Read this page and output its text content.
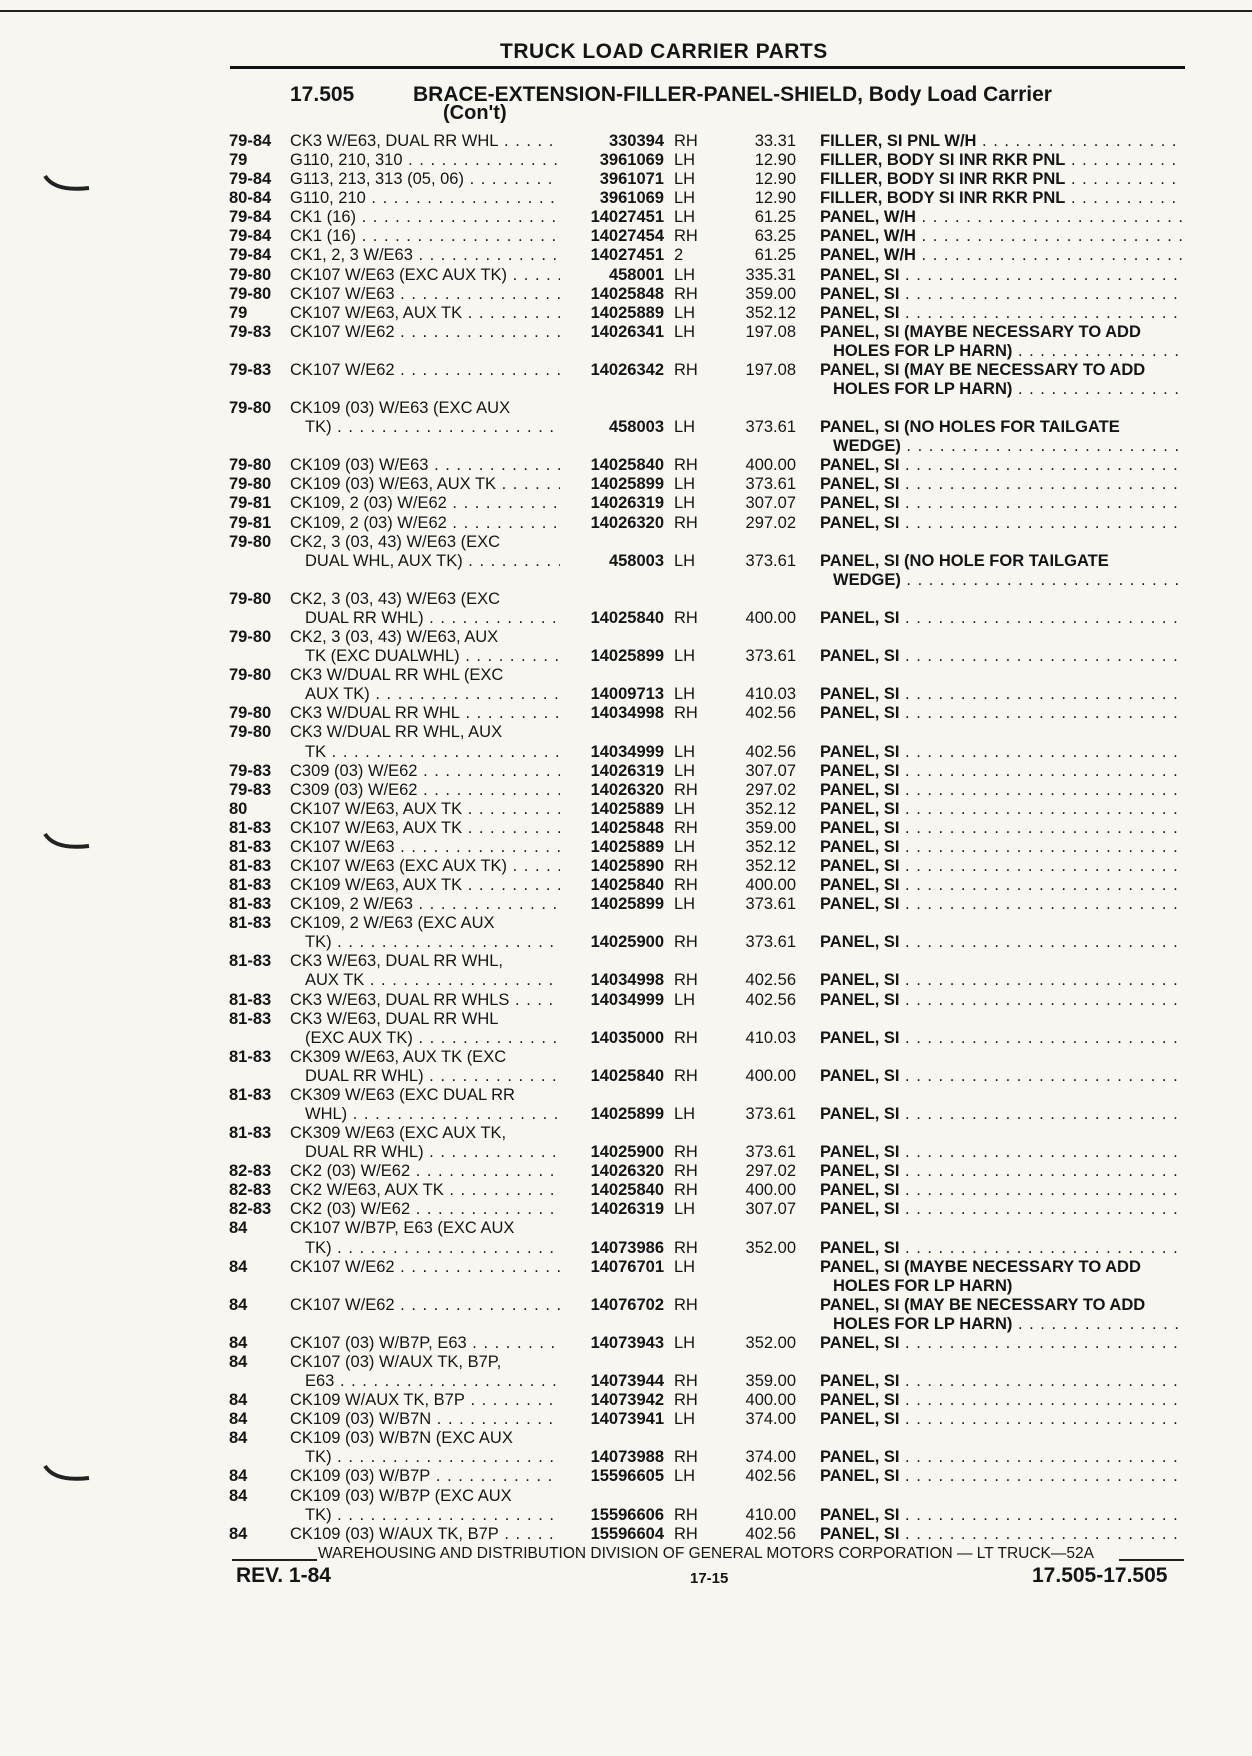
TRUCK LOAD CARRIER PARTS
17.505	BRACE-EXTENSION-FILLER-PANEL-SHIELD, Body Load Carrier
(Con't)
79-84	CK3 W/E63, DUAL RR WHL . . .	330394 RH	33.31 FILLER, SI PNL W/H . . .
79	G110, 210, 310 . . .	3961069 LH	12.90 FILLER, BODY SI INR RKR PNL . . .
79-84	G113, 213, 313 (05, 06) . . .	3961071 LH	12.90 FILLER, BODY SI INR RKR PNL . . .
80-84	G110, 210 . . .	3961069 LH	12.90 FILLER, BODY SI INR RKR PNL . . .
79-84	CK1 (16) . . .	14027451 LH	61.25 PANEL, W/H . . .
79-84	CK1 (16) . . .	14027454 RH	63.25 PANEL, W/H . . .
79-84	CK1, 2, 3 W/E63 . . .	14027451 2	61.25 PANEL, W/H . . .
79-80	CK107 W/E63 (EXC AUX TK) . . .	458001 LH	335.31 PANEL, SI . . .
79-80	CK107 W/E63 . . .	14025848 RH	359.00 PANEL, SI . . .
79	CK107 W/E63, AUX TK . . .	14025889 LH	352.12 PANEL, SI . . .
79-83	CK107 W/E62 . . .	14026341 LH	197.08 PANEL, SI (MAYBE NECESSARY TO ADD
HOLES FOR LP HARN) . . .
79-83	CK107 W/E62 . . .	14026342 RH	197.08 PANEL, SI (MAY BE NECESSARY TO ADD
HOLES FOR LP HARN) . . .
79-80	CK109 (03) W/E63 (EXC AUX
TK) . . .	458003 LH	373.61 PANEL, SI (NO HOLES FOR TAILGATE
WEDGE) . . .
79-80	CK109 (03) W/E63 . . .	14025840 RH	400.00 PANEL, SI . . .
79-80	CK109 (03) W/E63, AUX TK . . .	14025899 LH	373.61 PANEL, SI . . .
79-81	CK109, 2 (03) W/E62 . . .	14026319 LH	307.07 PANEL, SI . . .
79-81	CK109, 2 (03) W/E62 . . .	14026320 RH	297.02 PANEL, SI . . .
79-80	CK2, 3 (03, 43) W/E63 (EXC
DUAL WHL, AUX TK) . . .	458003 LH	373.61 PANEL, SI (NO HOLE FOR TAILGATE
WEDGE) . . .
79-80	CK2, 3 (03, 43) W/E63 (EXC
DUAL RR WHL) . . .	14025840 RH	400.00 PANEL, SI . . .
79-80	CK2, 3 (03, 43) W/E63, AUX
TK (EXC DUALWHL) . . .	14025899 LH	373.61 PANEL, SI . . .
79-80	CK3 W/DUAL RR WHL (EXC
AUX TK) . . .	14009713 LH	410.03 PANEL, SI . . .
79-80	CK3 W/DUAL RR WHL . . .	14034998 RH	402.56 PANEL, SI . . .
79-80	CK3 W/DUAL RR WHL, AUX
TK . . .	14034999 LH	402.56 PANEL, SI . . .
79-83	C309 (03) W/E62 . . .	14026319 LH	307.07 PANEL, SI . . .
79-83	C309 (03) W/E62 . . .	14026320 RH	297.02 PANEL, SI . . .
80	CK107 W/E63, AUX TK . . .	14025889 LH	352.12 PANEL, SI . . .
81-83	CK107 W/E63, AUX TK . . .	14025848 RH	359.00 PANEL, SI . . .
81-83	CK107 W/E63 . . .	14025889 LH	352.12 PANEL, SI . . .
81-83	CK107 W/E63 (EXC AUX TK) . . .	14025890 RH	352.12 PANEL, SI . . .
81-83	CK109 W/E63, AUX TK . . .	14025840 RH	400.00 PANEL, SI . . .
81-83	CK109, 2 W/E63 . . .	14025899 LH	373.61 PANEL, SI . . .
81-83	CK109, 2 W/E63 (EXC AUX
TK) . . .	14025900 RH	373.61 PANEL, SI . . .
81-83	CK3 W/E63, DUAL RR WHL,
AUX TK . . .	14034998 RH	402.56 PANEL, SI . . .
81-83	CK3 W/E63, DUAL RR WHLS . . .	14034999 LH	402.56 PANEL, SI . . .
81-83	CK3 W/E63, DUAL RR WHL
(EXC AUX TK) . . .	14035000 RH	410.03 PANEL, SI . . .
81-83	CK309 W/E63, AUX TK (EXC
DUAL RR WHL) . . .	14025840 RH	400.00 PANEL, SI . . .
81-83	CK309 W/E63 (EXC DUAL RR
WHL) . . .	14025899 LH	373.61 PANEL, SI . . .
81-83	CK309 W/E63 (EXC AUX TK,
DUAL RR WHL) . . .	14025900 RH	373.61 PANEL, SI . . .
82-83	CK2 (03) W/E62 . . .	14026320 RH	297.02 PANEL, SI . . .
82-83	CK2 W/E63, AUX TK . . .	14025840 RH	400.00 PANEL, SI . . .
82-83	CK2 (03) W/E62 . . .	14026319 LH	307.07 PANEL, SI . . .
84	CK107 W/B7P, E63 (EXC AUX
TK) . . .	14073986 RH	352.00 PANEL, SI . . .
84	CK107 W/E62 . . .	14076701 LH	PANEL, SI (MAYBE NECESSARY TO ADD
HOLES FOR LP HARN)
84	CK107 W/E62 . . .	14076702 RH	PANEL, SI (MAY BE NECESSARY TO ADD
HOLES FOR LP HARN) . . .
84	CK107 (03) W/B7P, E63 . . .	14073943 LH	352.00 PANEL, SI . . .
84	CK107 (03) W/AUX TK, B7P,
E63 . . .	14073944 RH	359.00 PANEL, SI . . .
84	CK109 W/AUX TK, B7P . . .	14073942 RH	400.00 PANEL, SI . . .
84	CK109 (03) W/B7N . . .	14073941 LH	374.00 PANEL, SI . . .
84	CK109 (03) W/B7N (EXC AUX
TK) . . .	14073988 RH	374.00 PANEL, SI . . .
84	CK109 (03) W/B7P . . .	15596605 LH	402.56 PANEL, SI . . .
84	CK109 (03) W/B7P (EXC AUX
TK) . . .	15596606 RH	410.00 PANEL, SI . . .
84	CK109 (03) W/AUX TK, B7P . . .	15596604 RH	402.56 PANEL, SI . . .
WAREHOUSING AND DISTRIBUTION DIVISION OF GENERAL MOTORS CORPORATION — LT TRUCK—52A
REV. 1-84	17-15	17.505-17.505
